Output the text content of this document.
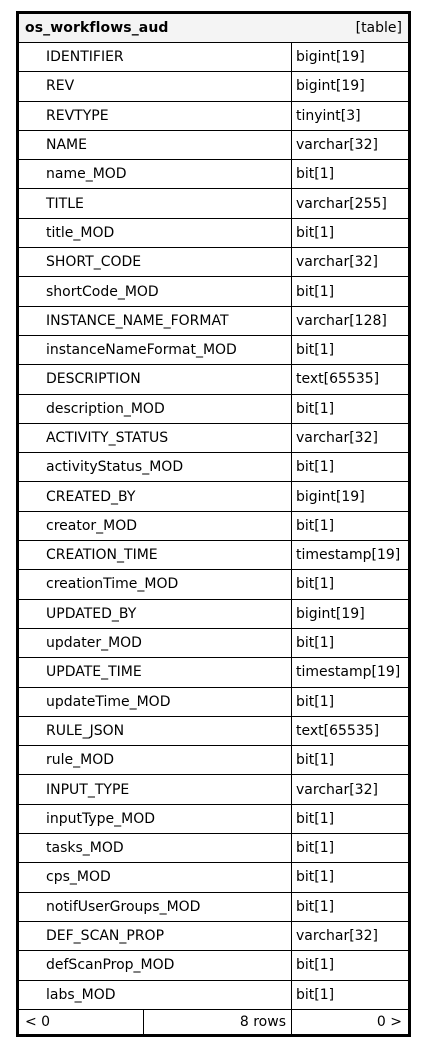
os_workflows_aud	[table]
IDENTIFIER	bigint[19]
REV	bigint[19]
REVTYPE	tinyint[3]
NAME	varchar[32]
name_MOD	bit[1]
TITLE	varchar[255]
title_MOD	bit[1]
SHORT_CODE	varchar[32]
shortCode_MOD	bit[1]
INSTANCE_NAME_FORMAT	varchar[128]
instanceNameFormat_MOD	bit[1]
DESCRIPTION	text[65535]
description_MOD	bit[1]
ACTIVITY_STATUS	varchar[32]
activityStatus_MOD	bit[1]
CREATED_BY	bigint[19]
creator_MOD	bit[1]
CREATION_TIME	timestamp[19]
creationTime_MOD	bit[1]
UPDATED_BY	bigint[19]
updater_MOD	bit[1]
UPDATE_TIME	timestamp[19]
updateTime_MOD	bit[1]
RULE_JSON	text[65535]
rule_MOD	bit[1]
INPUT_TYPE	varchar[32]
inputType_MOD	bit[1]
tasks_MOD	bit[1]
cps_MOD	bit[1]
notifUserGroups_MOD	bit[1]
DEF_SCAN_PROP	varchar[32]
defScanProp_MOD	bit[1]
labs_MOD	bit[1]
< 0	8 rows	0 >
